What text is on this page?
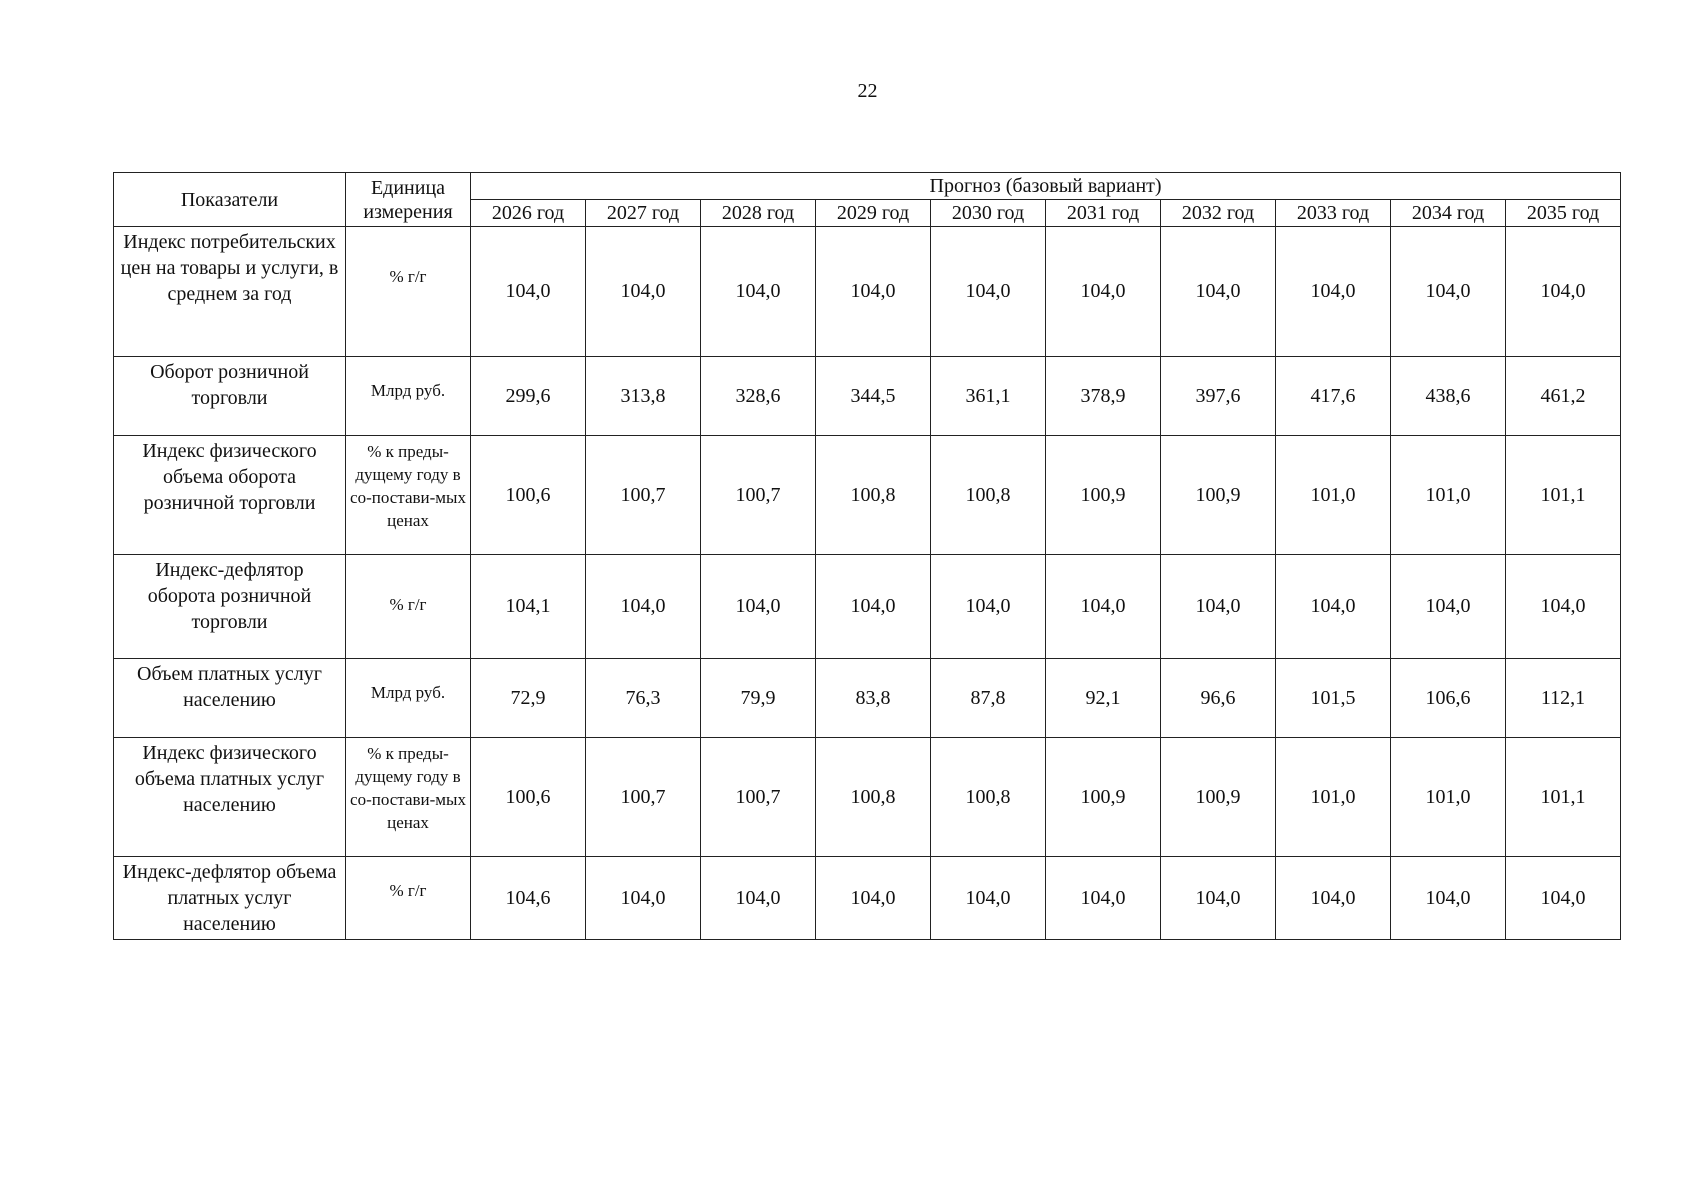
22
Показатели	Единица измерения	Прогноз (базовый вариант)									
		2026 год	2027 год	2028 год	2029 год	2030 год	2031 год	2032 год	2033 год	2034 год	2035 год
Индекс потребительских цен на товары и услуги, в среднем за год	% г/г	104,0	104,0	104,0	104,0	104,0	104,0	104,0	104,0	104,0	104,0
Оборот розничной торговли	Млрд руб.	299,6	313,8	328,6	344,5	361,1	378,9	397,6	417,6	438,6	461,2
Индекс физического объема оборота розничной торговли	% к преды-дущему году в со-постави-мых ценах	100,6	100,7	100,7	100,8	100,8	100,9	100,9	101,0	101,0	101,1
Индекс-дефлятор оборота розничной торговли	% г/г	104,1	104,0	104,0	104,0	104,0	104,0	104,0	104,0	104,0	104,0
Объем платных услуг населению	Млрд руб.	72,9	76,3	79,9	83,8	87,8	92,1	96,6	101,5	106,6	112,1
Индекс физического объема платных услуг населению	% к преды-дущему году в со-постави-мых ценах	100,6	100,7	100,7	100,8	100,8	100,9	100,9	101,0	101,0	101,1
Индекс-дефлятор объема платных услуг населению	% г/г	104,6	104,0	104,0	104,0	104,0	104,0	104,0	104,0	104,0	104,0
